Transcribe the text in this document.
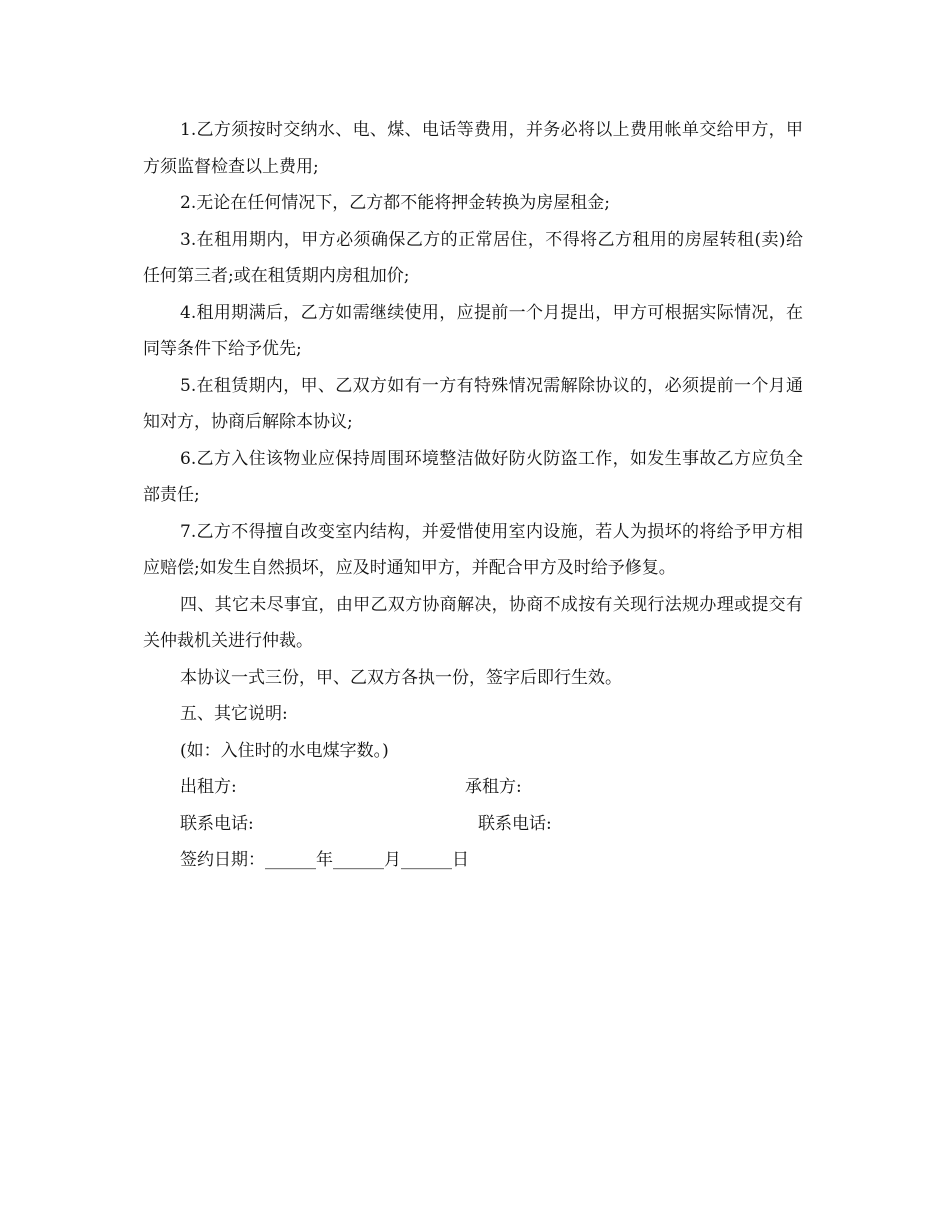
1.乙方须按时交纳水、电、煤、电话等费用，并务必将以上费用帐单交给甲方，甲方须监督检查以上费用;

2.无论在任何情况下，乙方都不能将押金转换为房屋租金;

3.在租用期内，甲方必须确保乙方的正常居住，不得将乙方租用的房屋转租(卖)给任何第三者;或在租赁期内房租加价;

4.租用期满后，乙方如需继续使用，应提前一个月提出，甲方可根据实际情况，在同等条件下给予优先;

5.在租赁期内，甲、乙双方如有一方有特殊情况需解除协议的，必须提前一个月通知对方，协商后解除本协议;

6.乙方入住该物业应保持周围环境整洁做好防火防盗工作，如发生事故乙方应负全部责任;

7.乙方不得擅自改变室内结构，并爱惜使用室内设施，若人为损坏的将给予甲方相应赔偿;如发生自然损坏，应及时通知甲方，并配合甲方及时给予修复。

四、其它未尽事宜，由甲乙双方协商解决，协商不成按有关现行法规办理或提交有关仲裁机关进行仲裁。

本协议一式三份，甲、乙双方各执一份，签字后即行生效。

五、其它说明:

(如：入住时的水电煤字数。)

出租方:	承租方:
联系电话:	联系电话:

签约日期：______年______月______日
